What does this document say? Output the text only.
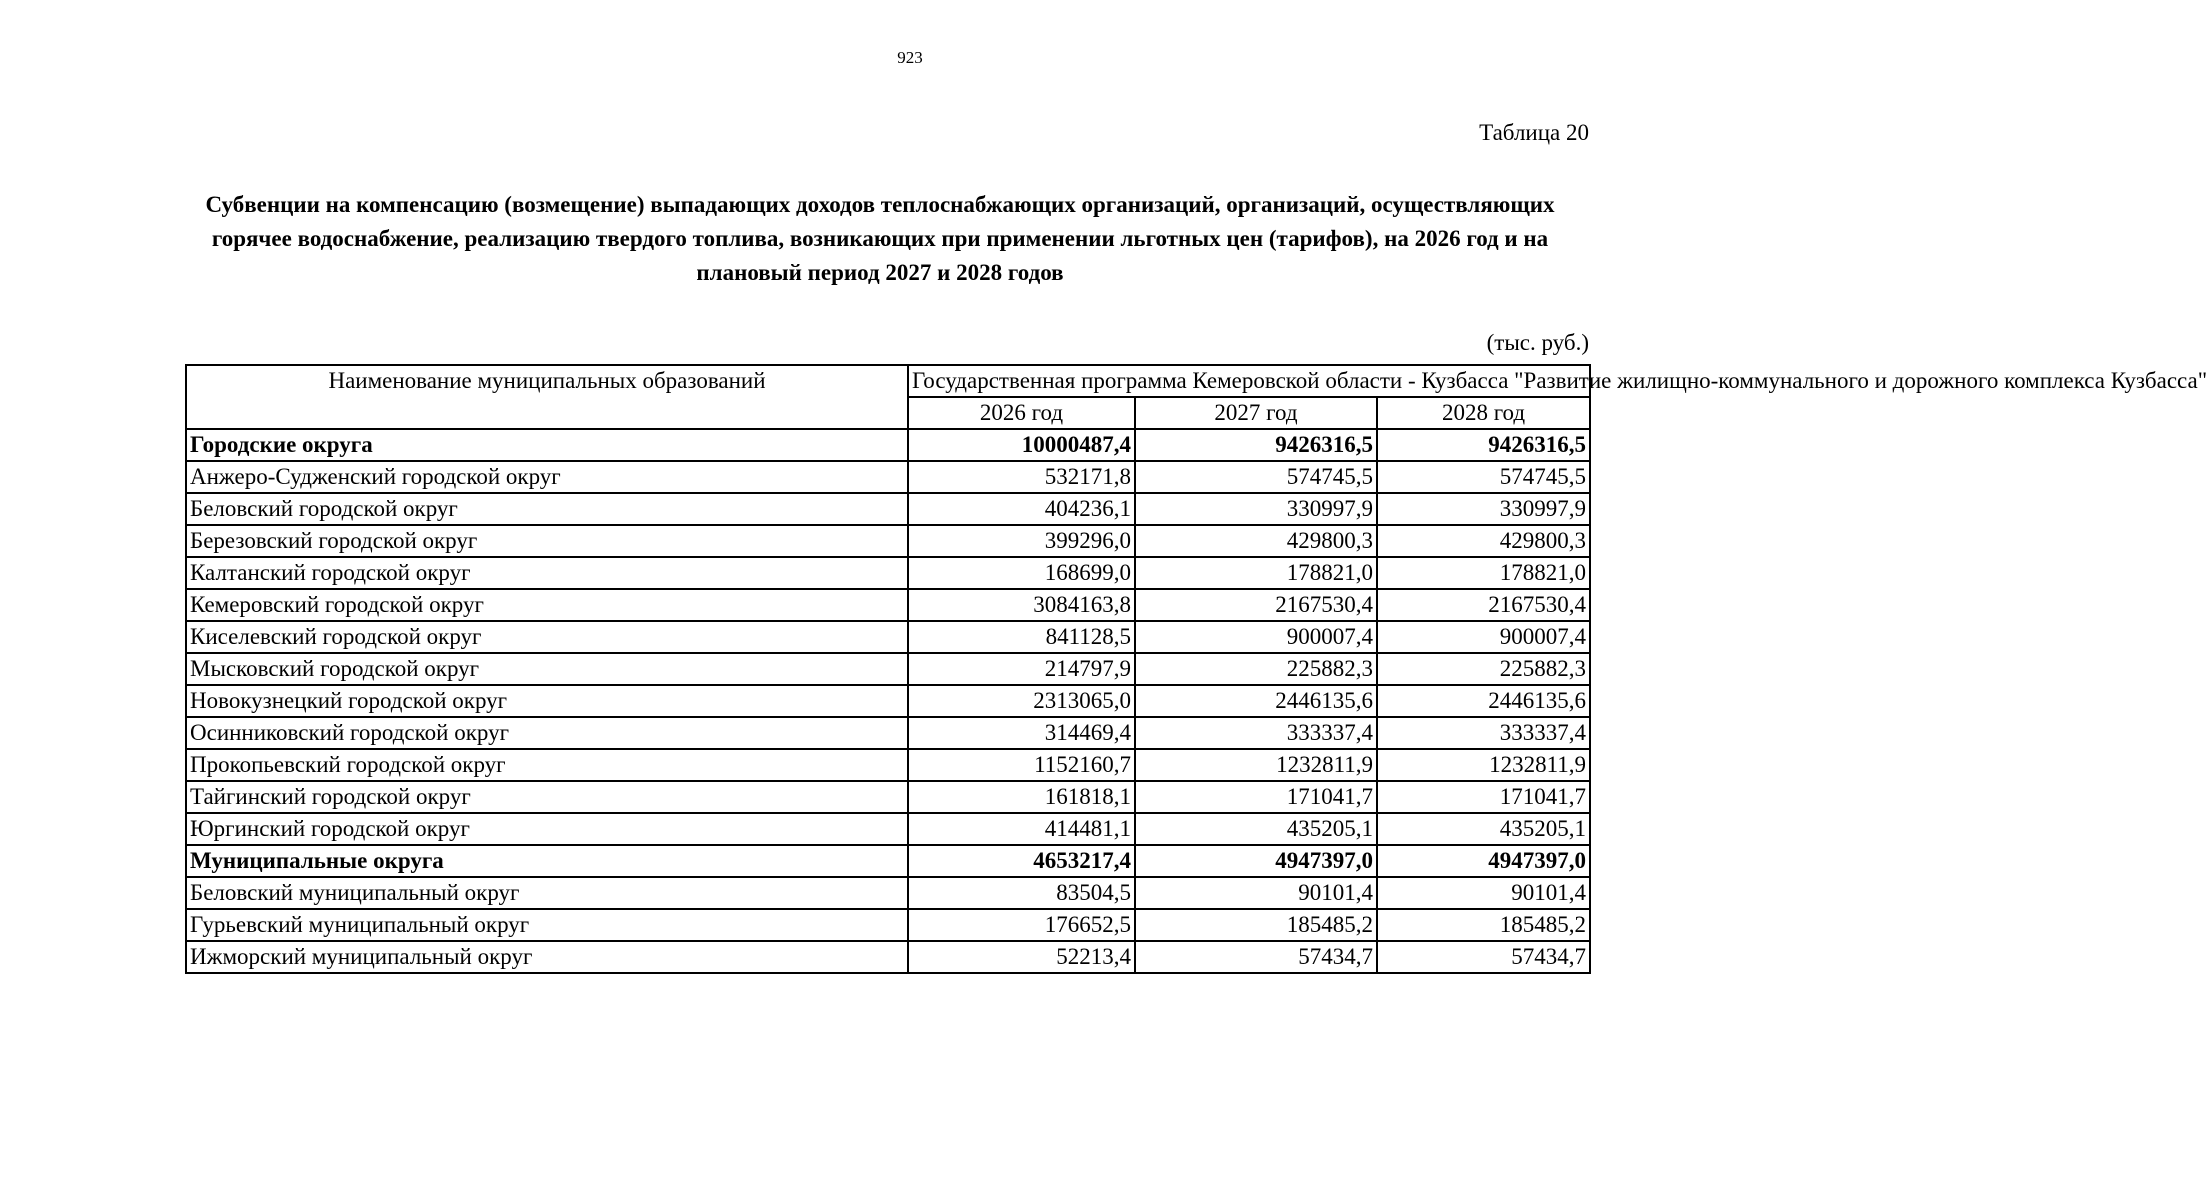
923
Таблица 20
Субвенции на компенсацию (возмещение) выпадающих доходов теплоснабжающих организаций, организаций, осуществляющих горячее водоснабжение, реализацию твердого топлива, возникающих при применении льготных цен (тарифов), на 2026 год и на плановый период 2027 и 2028 годов
(тыс. руб.)
Наименование муниципальных образований	Государственная программа Кемеровской области - Кузбасса "Развитие жилищно-коммунального и дорожного комплекса Кузбасса"		
	2026 год	2027 год	2028 год
Городские округа	10000487,4	9426316,5	9426316,5
Анжеро-Судженский городской округ	532171,8	574745,5	574745,5
Беловский городской округ	404236,1	330997,9	330997,9
Березовский городской округ	399296,0	429800,3	429800,3
Калтанский городской округ	168699,0	178821,0	178821,0
Кемеровский городской округ	3084163,8	2167530,4	2167530,4
Киселевский городской округ	841128,5	900007,4	900007,4
Мысковский городской округ	214797,9	225882,3	225882,3
Новокузнецкий городской округ	2313065,0	2446135,6	2446135,6
Осинниковский городской округ	314469,4	333337,4	333337,4
Прокопьевский городской округ	1152160,7	1232811,9	1232811,9
Тайгинский городской округ	161818,1	171041,7	171041,7
Юргинский городской округ	414481,1	435205,1	435205,1
Муниципальные округа	4653217,4	4947397,0	4947397,0
Беловский муниципальный округ	83504,5	90101,4	90101,4
Гурьевский муниципальный округ	176652,5	185485,2	185485,2
Ижморский муниципальный округ	52213,4	57434,7	57434,7
